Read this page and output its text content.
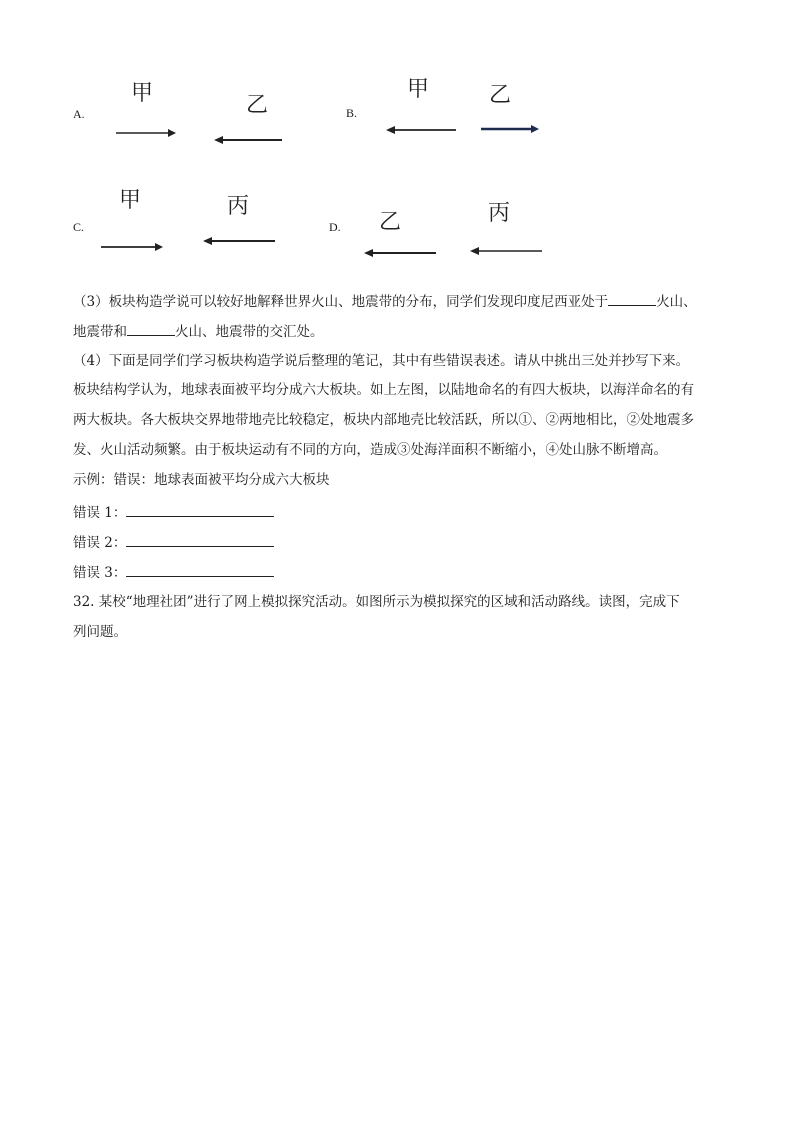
A.
甲	乙	B.
甲	乙
C.
甲	丙
D. 乙	丙
（3）板块构造学说可以较好地解释世界火山、地震带的分布，同学们发现印度尼西亚处于	火山、
地震带和	火山、地震带的交汇处。
（4）下面是同学们学习板块构造学说后整理的笔记，其中有些错误表述。请从中挑出三处并抄写下来。
板块结构学认为，地球表面被平均分成六大板块。如上左图，以陆地命名的有四大板块，以海洋命名的有
两大板块。各大板块交界地带地壳比较稳定，板块内部地壳比较活跃，所以①、②两地相比，②处地震多
发、火山活动频繁。由于板块运动有不同的方向，造成③处海洋面积不断缩小，④处山脉不断增高。
示例：错误：地球表面被平均分成六大板块
错误 1：
错误 2：
错误 3：
32. 某校“地理社团”进行了网上模拟探究活动。如图所示为模拟探究的区域和活动路线。读图，完成下
列问题。
